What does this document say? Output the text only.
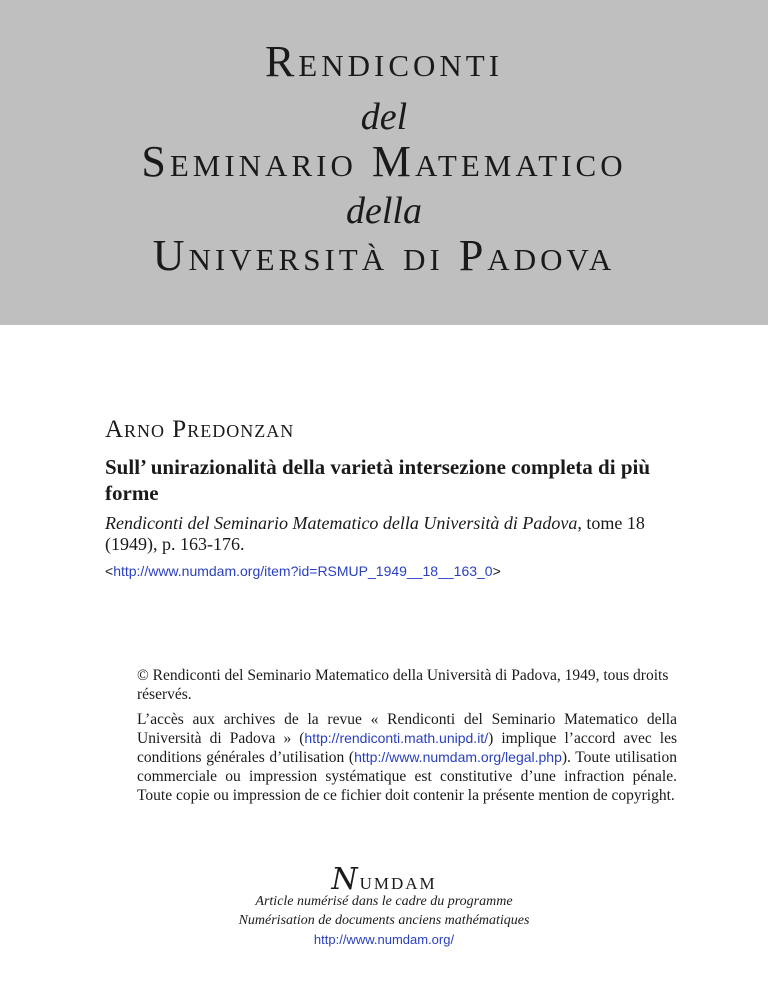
Rendiconti
del
Seminario Matematico
della
Università di Padova
Arno Predonzan
Sull’ unirazionalità della varietà intersezione completa di più forme
Rendiconti del Seminario Matematico della Università di Padova, tome 18 (1949), p. 163-176.
<http://www.numdam.org/item?id=RSMUP_1949__18__163_0>
© Rendiconti del Seminario Matematico della Università di Padova, 1949, tous droits réservés.
L’accès aux archives de la revue « Rendiconti del Seminario Matematico della Università di Padova » (http://rendiconti.math.unipd.it/) implique l’accord avec les conditions générales d’utilisation (http://www.numdam.org/legal.php). Toute utilisation commerciale ou impression systématique est constitutive d’une infraction pénale. Toute copie ou impression de ce fichier doit contenir la présente mention de copyright.
Numdam
Article numérisé dans le cadre du programme
Numérisation de documents anciens mathématiques
http://www.numdam.org/
